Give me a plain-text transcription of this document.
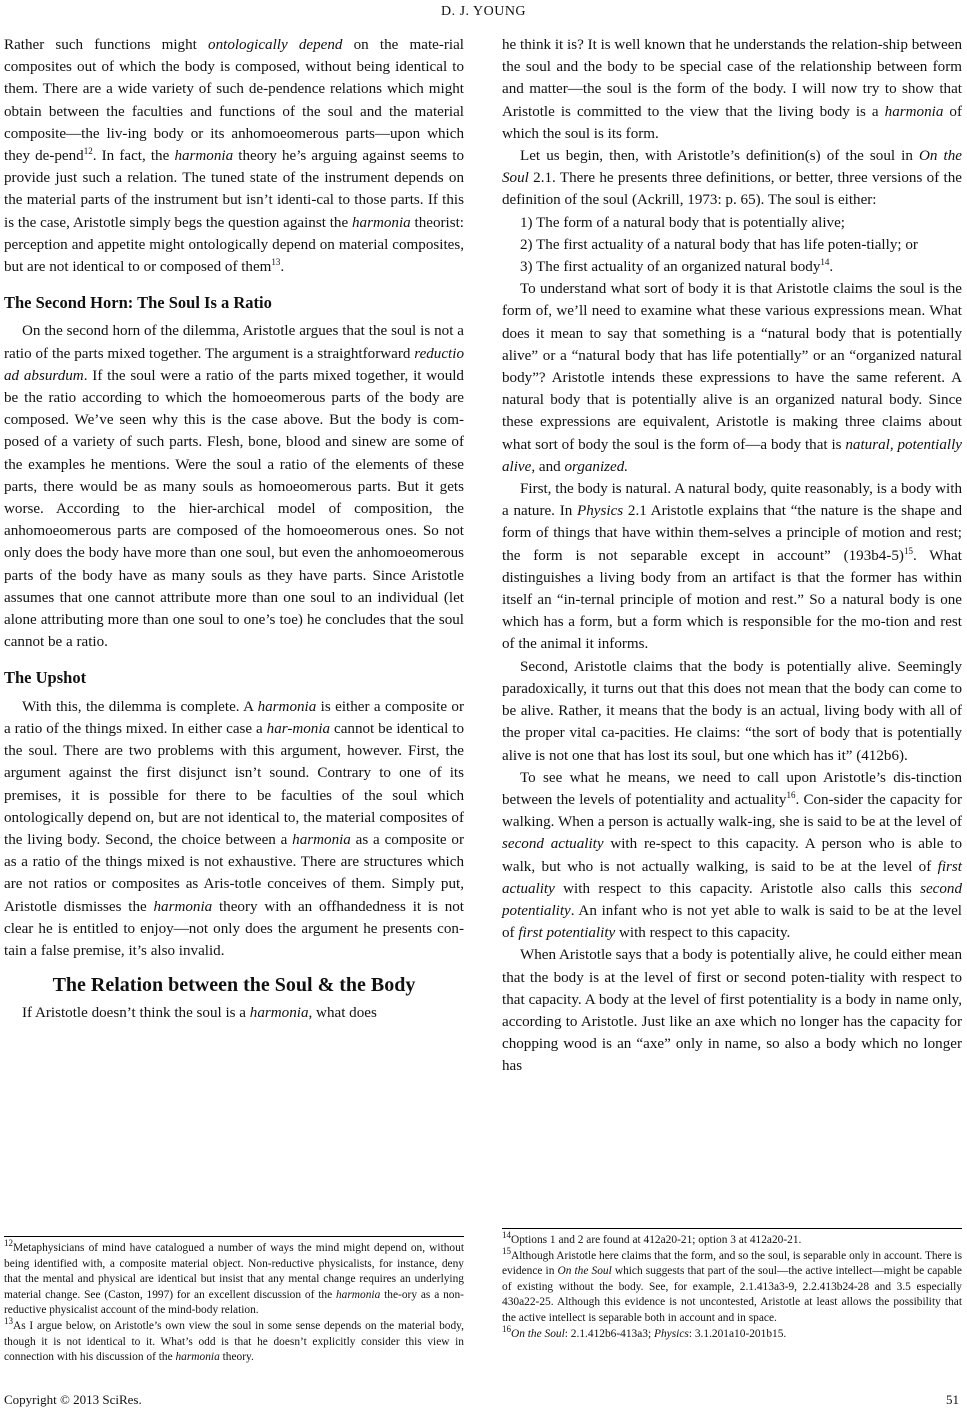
D. J. YOUNG

Rather such functions might ontologically depend on the mate-rial composites out of which the body is composed, without being identical to them. There are a wide variety of such de-pendence relations which might obtain between the faculties and functions of the soul and the material composite—the liv-ing body or its anhomoeomerous parts—upon which they de-pend$^{12}$. In fact, the harmonia theory he’s arguing against seems to provide just such a relation. The tuned state of the instrument depends on the material parts of the instrument but isn’t identi-cal to those parts. If this is the case, Aristotle simply begs the question against the harmonia theorist: perception and appetite might ontologically depend on material composites, but are not identical to or composed of them$^{13}$.

The Second Horn: The Soul Is a Ratio

On the second horn of the dilemma, Aristotle argues that the soul is not a ratio of the parts mixed together. The argument is a straightforward reductio ad absurdum. If the soul were a ratio of the parts mixed together, it would be the ratio according to which the homoeomerous parts of the body are composed. We’ve seen why this is the case above. But the body is com-posed of a variety of such parts. Flesh, bone, blood and sinew are some of the examples he mentions. Were the soul a ratio of the elements of these parts, there would be as many souls as homoeomerous parts. But it gets worse. According to the hier-archical model of composition, the anhomoeomerous parts are composed of the homoeomerous ones. So not only does the body have more than one soul, but even the anhomoeomerous parts of the body have as many souls as they have parts. Since Aristotle assumes that one cannot attribute more than one soul to an individual (let alone attributing more than one soul to one’s toe) he concludes that the soul cannot be a ratio.

The Upshot

With this, the dilemma is complete. A harmonia is either a composite or a ratio of the things mixed. In either case a har-monia cannot be identical to the soul. There are two problems with this argument, however. First, the argument against the first disjunct isn’t sound. Contrary to one of its premises, it is possible for there to be faculties of the soul which ontologically depend on, but are not identical to, the material composites of the living body. Second, the choice between a harmonia as a composite or as a ratio of the things mixed is not exhaustive. There are structures which are not ratios or composites as Aris-totle conceives of them. Simply put, Aristotle dismisses the harmonia theory with an offhandedness it is not clear he is entitled to enjoy—not only does the argument he presents con-tain a false premise, it’s also invalid.

The Relation between the Soul & the Body

If Aristotle doesn’t think the soul is a harmonia, what does

$^{12}$Metaphysicians of mind have catalogued a number of ways the mind might depend on, without being identified with, a composite material object. Non-reductive physicalists, for instance, deny that the mental and physical are identical but insist that any mental change requires an underlying material change. See (Caston, 1997) for an excellent discussion of the harmonia the-ory as a non-reductive physicalist account of the mind-body relation.

$^{13}$As I argue below, on Aristotle’s own view the soul in some sense depends on the material body, though it is not identical to it. What’s odd is that he doesn’t explicitly consider this view in connection with his discussion of the harmonia theory.

he think it is? It is well known that he understands the relation-ship between the soul and the body to be special case of the relationship between form and matter—the soul is the form of the body. I will now try to show that Aristotle is committed to the view that the living body is a harmonia of which the soul is its form.

Let us begin, then, with Aristotle’s definition(s) of the soul in On the Soul 2.1. There he presents three definitions, or better, three versions of the definition of the soul (Ackrill, 1973: p. 65). The soul is either:

1) The form of a natural body that is potentially alive;

2) The first actuality of a natural body that has life poten-tially; or

3) The first actuality of an organized natural body$^{14}$.

To understand what sort of body it is that Aristotle claims the soul is the form of, we’ll need to examine what these various expressions mean. What does it mean to say that something is a “natural body that is potentially alive” or a “natural body that has life potentially” or an “organized natural body”? Aristotle intends these expressions to have the same referent. A natural body that is potentially alive is an organized natural body. Since these expressions are equivalent, Aristotle is making three claims about what sort of body the soul is the form of—a body that is natural, potentially alive, and organized.

First, the body is natural. A natural body, quite reasonably, is a body with a nature. In Physics 2.1 Aristotle explains that “the nature is the shape and form of things that have within them-selves a principle of motion and rest; the form is not separable except in account” $(193b4-5)^{15}$. What distinguishes a living body from an artifact is that the former has within itself an “in-ternal principle of motion and rest.” So a natural body is one which has a form, but a form which is responsible for the mo-tion and rest of the animal it informs.

Second, Aristotle claims that the body is potentially alive. Seemingly paradoxically, it turns out that this does not mean that the body can come to be alive. Rather, it means that the body is an actual, living body with all of the proper vital ca-pacities. He claims: “the sort of body that is potentially alive is not one that has lost its soul, but one which has it” (412b6).

To see what he means, we need to call upon Aristotle’s dis-tinction between the levels of potentiality and actuality$^{16}$. Con-sider the capacity for walking. When a person is actually walk-ing, she is said to be at the level of second actuality with re-spect to this capacity. A person who is able to walk, but who is not actually walking, is said to be at the level of first actuality with respect to this capacity. Aristotle also calls this second potentiality. An infant who is not yet able to walk is said to be at the level of first potentiality with respect to this capacity.

When Aristotle says that a body is potentially alive, he could either mean that the body is at the level of first or second poten-tiality with respect to that capacity. A body at the level of first potentiality is a body in name only, according to Aristotle. Just like an axe which no longer has the capacity for chopping wood is an “axe” only in name, so also a body which no longer has

$^{14}$Options 1 and 2 are found at 412a20-21; option 3 at 412a20-21.

$^{15}$Although Aristotle here claims that the form, and so the soul, is separable only in account. There is evidence in On the Soul which suggests that part of the soul—the active intellect—might be capable of existing without the body. See, for example, 2.1.413a3-9, 2.2.413b24-28 and 3.5 especially 430a22-25. Although this evidence is not uncontested, Aristotle at least allows the possibility that the active intellect is separable both in account and in space.

$^{16}$On the Soul: 2.1.412b6-413a3; Physics: 3.1.201a10-201b15.

Copyright © 2013 SciRes.	51
